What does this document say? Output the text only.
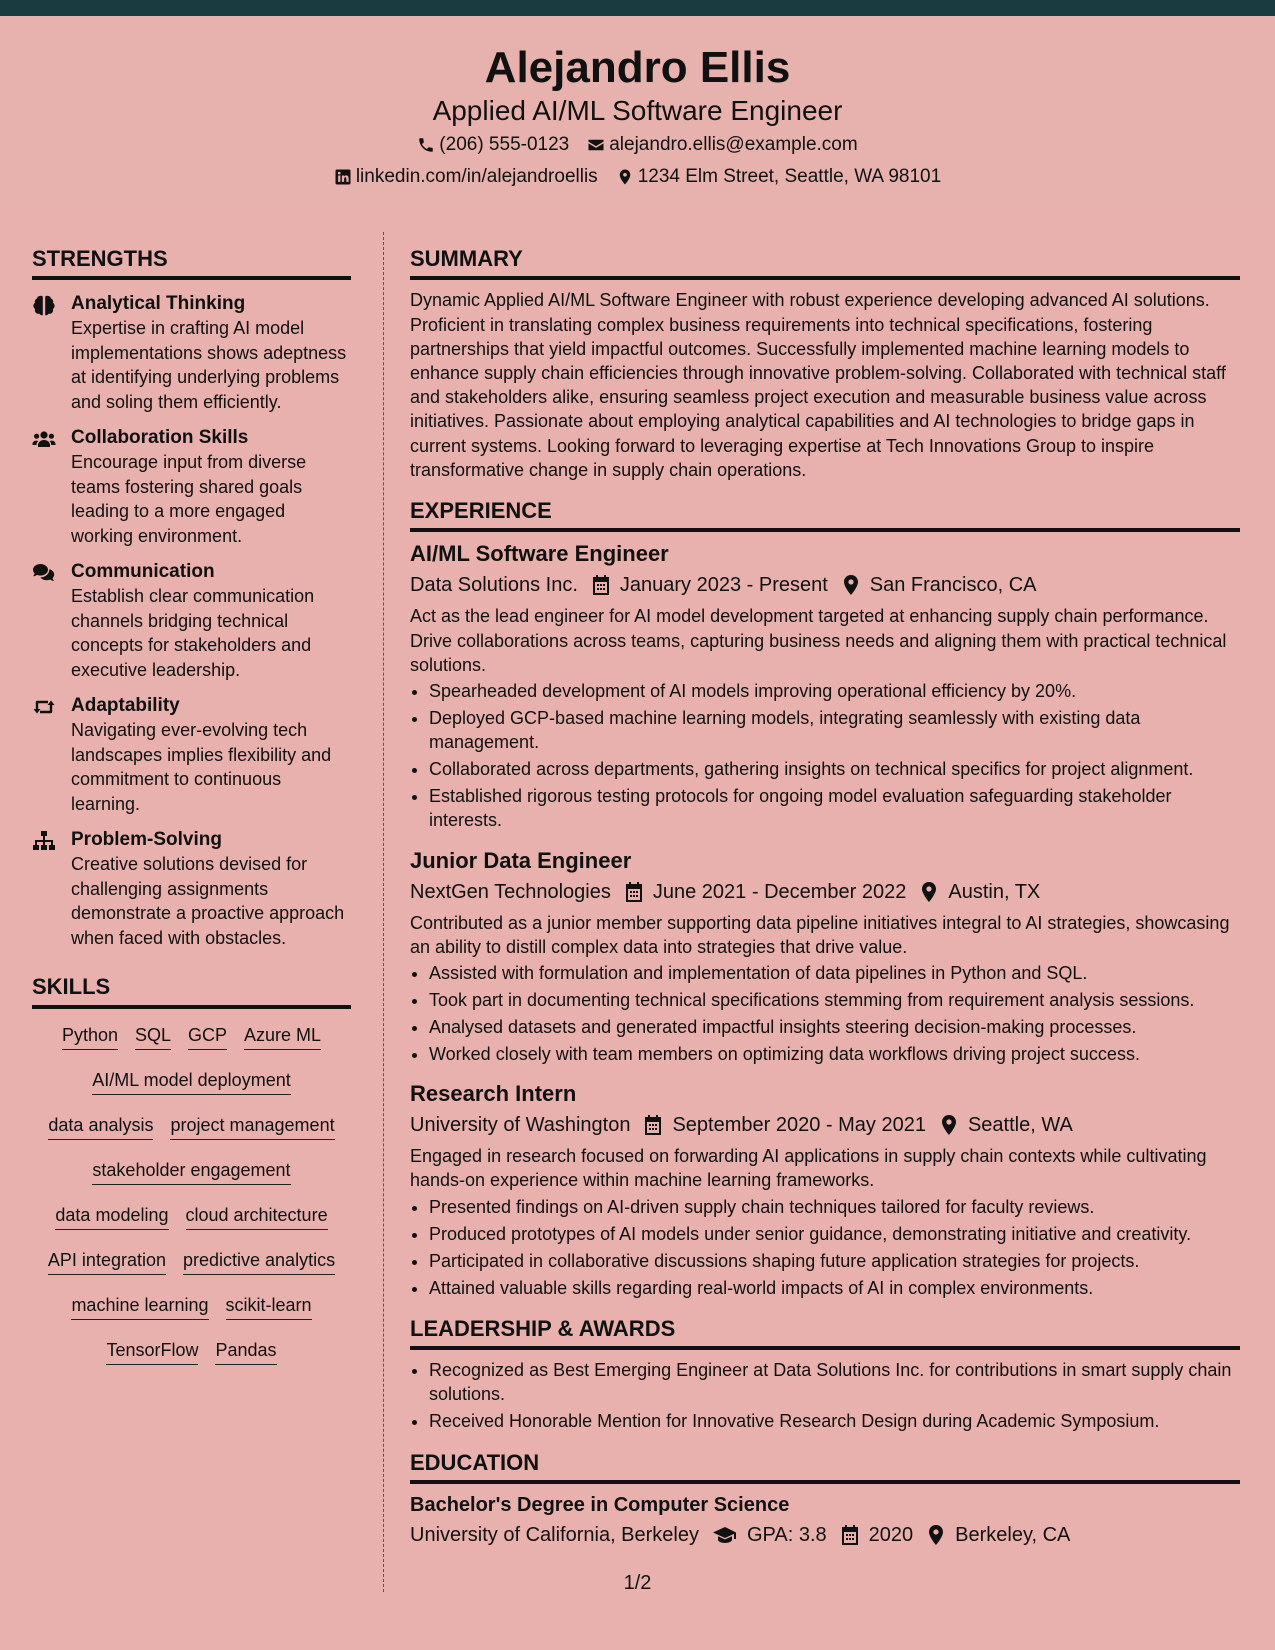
Alejandro Ellis
Applied AI/ML Software Engineer
(206) 555-0123 alejandro.ellis@example.com
linkedin.com/in/alejandroellis 1234 Elm Street, Seattle, WA 98101
STRENGTHS
Analytical Thinking
Expertise in crafting AI model implementations shows adeptness at identifying underlying problems and soling them efficiently.
Collaboration Skills
Encourage input from diverse teams fostering shared goals leading to a more engaged working environment.
Communication
Establish clear communication channels bridging technical concepts for stakeholders and executive leadership.
Adaptability
Navigating ever-evolving tech landscapes implies flexibility and commitment to continuous learning.
Problem-Solving
Creative solutions devised for challenging assignments demonstrate a proactive approach when faced with obstacles.
SKILLS
Python SQL GCP Azure ML
AI/ML model deployment
data analysis project management
stakeholder engagement
data modeling cloud architecture
API integration predictive analytics
machine learning scikit-learn
TensorFlow Pandas
SUMMARY

Dynamic Applied AI/ML Software Engineer with robust experience developing advanced AI solutions. Proficient in translating complex business requirements into technical specifications, fostering partnerships that yield impactful outcomes. Successfully implemented machine learning models to enhance supply chain efficiencies through innovative problem-solving. Collaborated with technical staff and stakeholders alike, ensuring seamless project execution and measurable business value across initiatives. Passionate about employing analytical capabilities and AI technologies to bridge gaps in current systems. Looking forward to leveraging expertise at Tech Innovations Group to inspire transformative change in supply chain operations.

EXPERIENCE
AI/ML Software Engineer
Data Solutions Inc. January 2023 - Present San Francisco, CA

Act as the lead engineer for AI model development targeted at enhancing supply chain performance. Drive collaborations across teams, capturing business needs and aligning them with practical technical solutions.

• Spearheaded development of AI models improving operational efficiency by 20%.
• Deployed GCP-based machine learning models, integrating seamlessly with existing data management.
• Collaborated across departments, gathering insights on technical specifics for project alignment.
• Established rigorous testing protocols for ongoing model evaluation safeguarding stakeholder interests.
Junior Data Engineer
NextGen Technologies June 2021 - December 2022 Austin, TX

Contributed as a junior member supporting data pipeline initiatives integral to AI strategies, showcasing an ability to distill complex data into strategies that drive value.

• Assisted with formulation and implementation of data pipelines in Python and SQL.
• Took part in documenting technical specifications stemming from requirement analysis sessions.
• Analysed datasets and generated impactful insights steering decision-making processes.
• Worked closely with team members on optimizing data workflows driving project success.
Research Intern
University of Washington September 2020 - May 2021 Seattle, WA

Engaged in research focused on forwarding AI applications in supply chain contexts while cultivating hands-on experience within machine learning frameworks.

• Presented findings on AI-driven supply chain techniques tailored for faculty reviews.
• Produced prototypes of AI models under senior guidance, demonstrating initiative and creativity.
• Participated in collaborative discussions shaping future application strategies for projects.
• Attained valuable skills regarding real-world impacts of AI in complex environments.
LEADERSHIP & AWARDS
• Recognized as Best Emerging Engineer at Data Solutions Inc. for contributions in smart supply chain solutions.
• Received Honorable Mention for Innovative Research Design during Academic Symposium.
EDUCATION
Bachelor's Degree in Computer Science
University of California, Berkeley GPA: 3.8 2020 Berkeley, CA
1/2
